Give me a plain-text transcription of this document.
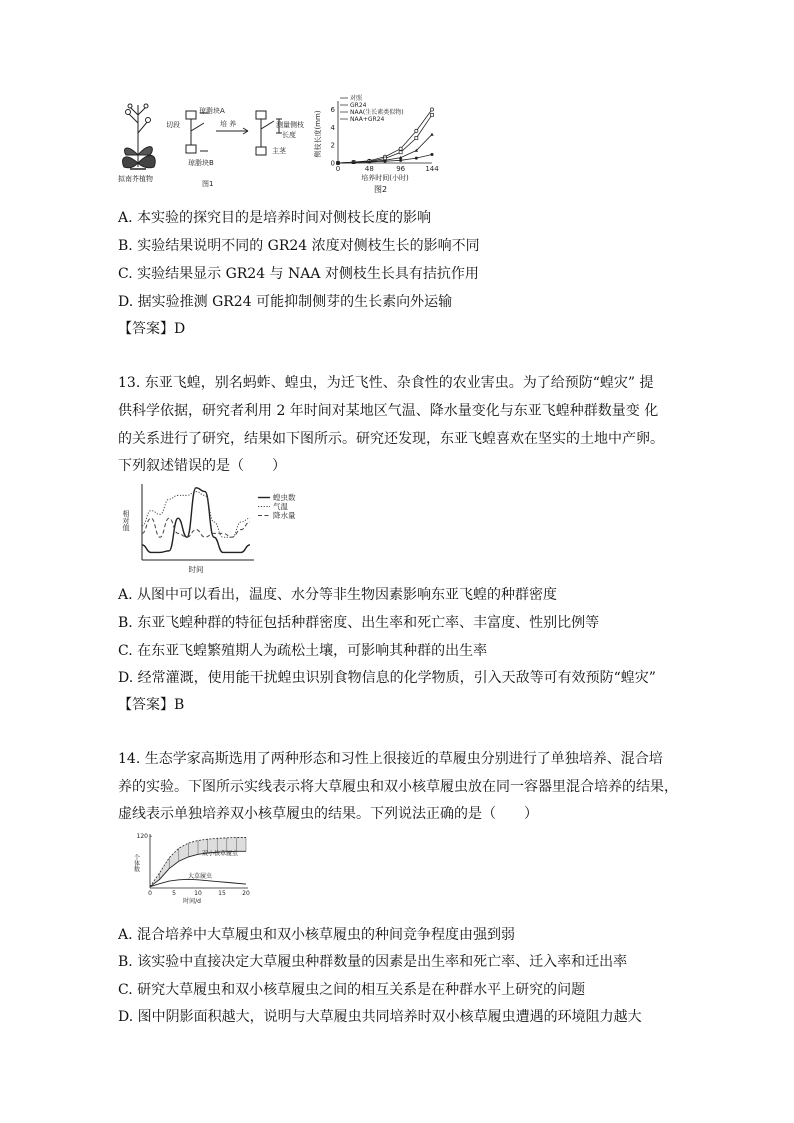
切段
琼脂块A
琼脂块B
培 养	测量侧枝
长度
主茎
拟南芥植物
图1
0
2
4
6
0	48	96	144
培养时间(小时)
侧枝长度(mm)
对照
GR24
NAA(生长素类似物)
NAA+GR24
图2
A. 本实验的探究目的是培养时间对侧枝长度的影响
B. 实验结果说明不同的 GR24 浓度对侧枝生长的影响不同
C. 实验结果显示 GR24 与 NAA 对侧枝生长具有拮抗作用
D. 据实验推测 GR24 可能抑制侧芽的生长素向外运输
【答案】D
13. 东亚飞蝗，别名蚂蚱、蝗虫，为迁飞性、杂食性的农业害虫。为了给预防“蝗灾” 提
供科学依据，研究者利用 2 年时间对某地区气温、降水量变化与东亚飞蝗种群数量变 化
的关系进行了研究，结果如下图所示。研究还发现，东亚飞蝗喜欢在坚实的土地中产卵。
下列叙述错误的是（　　）
相对值
时间
蝗虫数
气温
降水量
A. 从图中可以看出，温度、水分等非生物因素影响东亚飞蝗的种群密度
B. 东亚飞蝗种群的特征包括种群密度、出生率和死亡率、丰富度、性别比例等
C. 在东亚飞蝗繁殖期人为疏松土壤，可影响其种群的出生率
D. 经常灌溉，使用能干扰蝗虫识别食物信息的化学物质，引入天敌等可有效预防“蝗灾”
【答案】B
14. 生态学家高斯选用了两种形态和习性上很接近的草履虫分别进行了单独培养、混合培
养的实验。下图所示实线表示将大草履虫和双小核草履虫放在同一容器里混合培养的结果，
虚线表示单独培养双小核草履虫的结果。下列说法正确的是（　　）
120
0	5	10	15	20
时间/d
个体数
双小核草履虫
大草履虫
A. 混合培养中大草履虫和双小核草履虫的种间竞争程度由强到弱
B. 该实验中直接决定大草履虫种群数量的因素是出生率和死亡率、迁入率和迁出率
C. 研究大草履虫和双小核草履虫之间的相互关系是在种群水平上研究的问题
D. 图中阴影面积越大，说明与大草履虫共同培养时双小核草履虫遭遇的环境阻力越大
